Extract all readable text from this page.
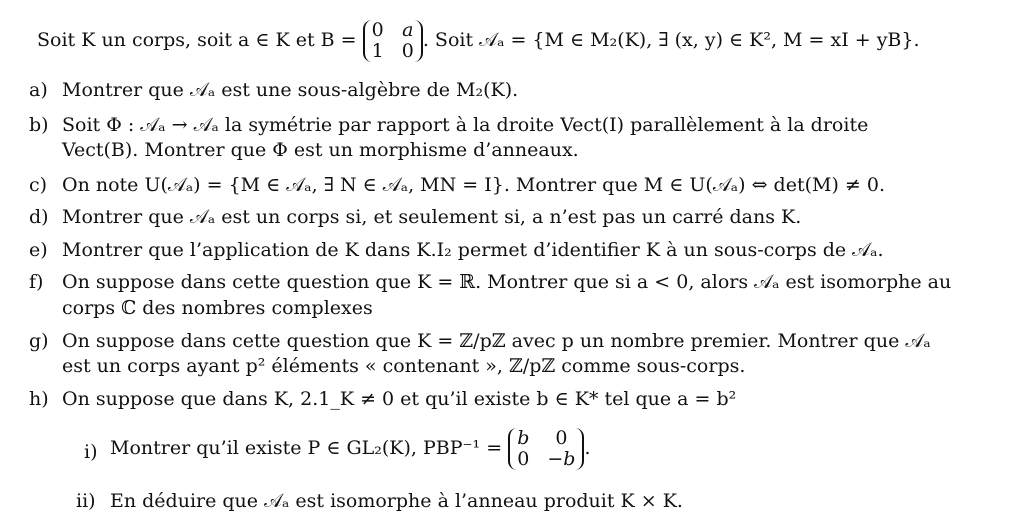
Soit K un corps, soit a ∈ K et B = 0 a
1 0 . Soit 𝒜ₐ = {M ∈ M₂(K), ∃ (x, y) ∈ K², M = xI + yB}.
a) Montrer que 𝒜ₐ est une sous-algèbre de M₂(K).
b) Soit Φ : 𝒜ₐ → 𝒜ₐ la symétrie par rapport à la droite Vect(I) parallèlement à la droite
Vect(B). Montrer que Φ est un morphisme d’anneaux.
c) On note U(𝒜ₐ) = {M ∈ 𝒜ₐ, ∃ N ∈ 𝒜ₐ, MN = I}. Montrer que M ∈ U(𝒜ₐ) ⇔ det(M) ≠ 0.
d) Montrer que 𝒜ₐ est un corps si, et seulement si, a n’est pas un carré dans K.
e) Montrer que l’application de K dans K.I₂ permet d’identifier K à un sous-corps de 𝒜ₐ.
f) On suppose dans cette question que K = ℝ. Montrer que si a < 0, alors 𝒜ₐ est isomorphe au
corps ℂ des nombres complexes
g) On suppose dans cette question que K = ℤ/pℤ avec p un nombre premier. Montrer que 𝒜ₐ
est un corps ayant p² éléments « contenant », ℤ/pℤ comme sous-corps.
h) On suppose que dans K, 2.1_K ≠ 0 et qu’il existe b ∈ K* tel que a = b²
i) Montrer qu’il existe P ∈ GL₂(K), PBP⁻¹ = b	0
0 −b .
ii) En déduire que 𝒜ₐ est isomorphe à l’anneau produit K × K.
